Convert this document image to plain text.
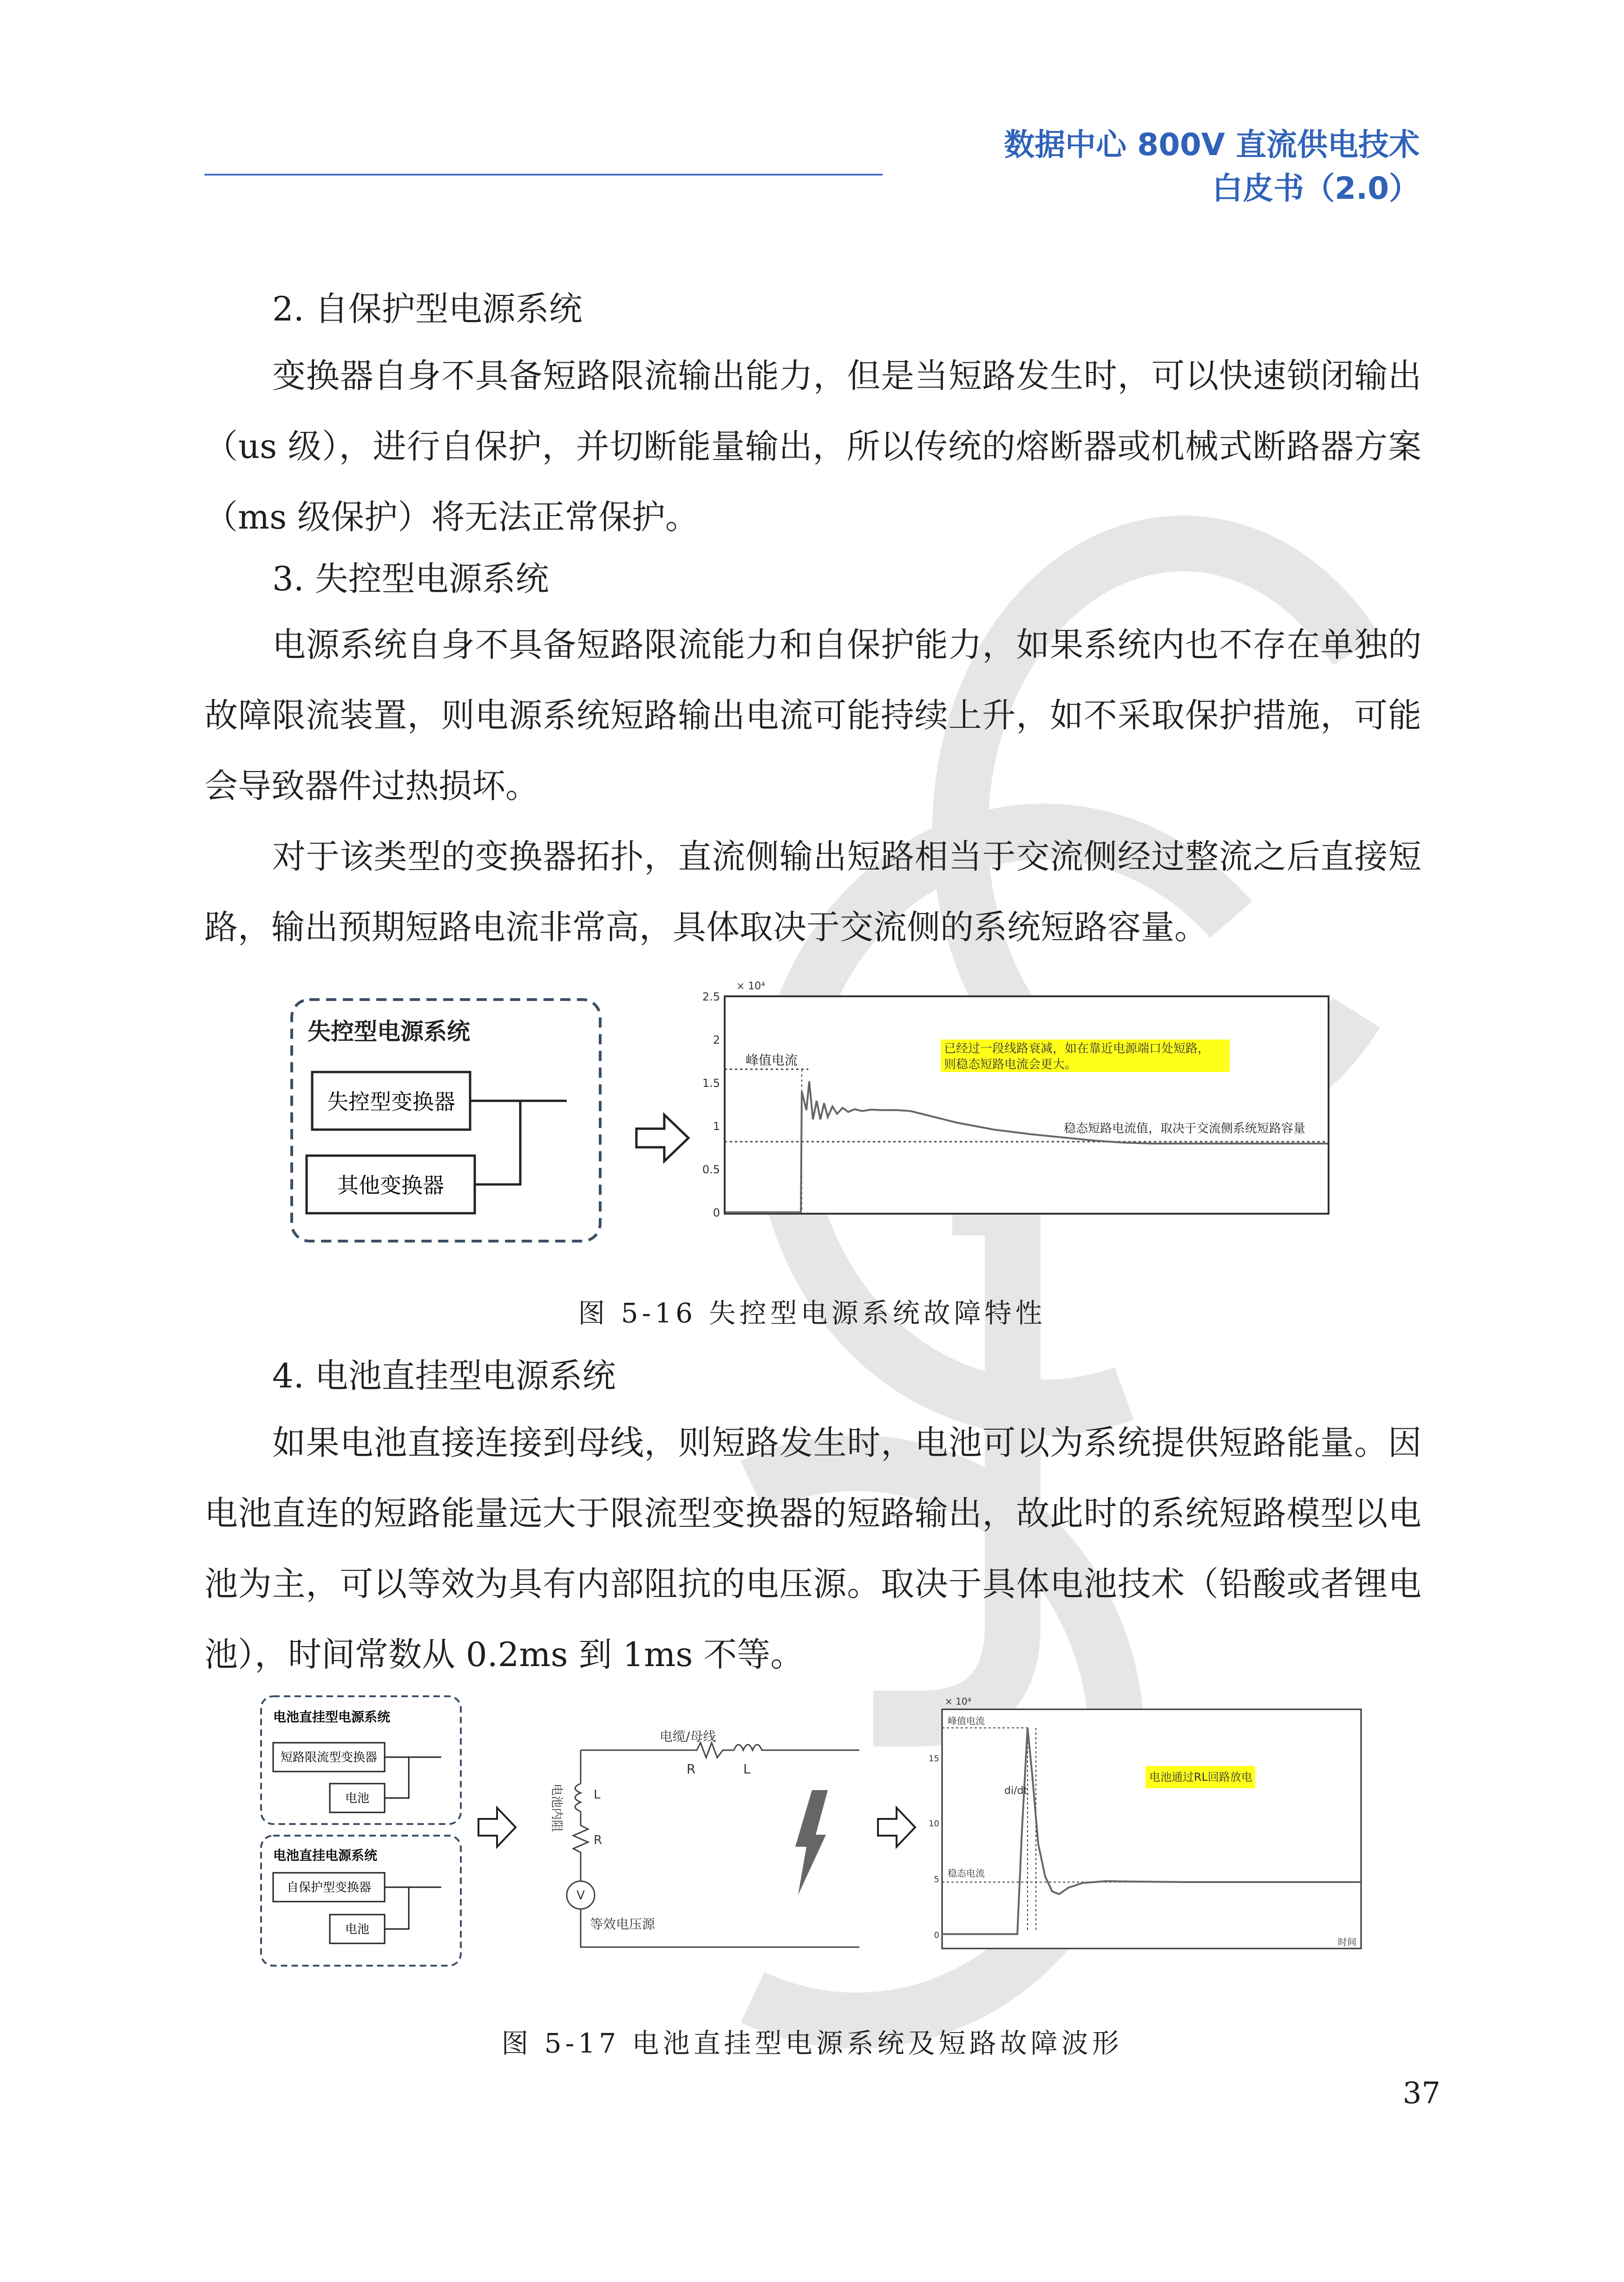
数据中心 800V 直流供电技术
白皮书（2.0）
2. 自保护型电源系统
变换器自身不具备短路限流输出能力，但是当短路发生时，可以快速锁闭输出（us 级），进行自保护，并切断能量输出，所以传统的熔断器或机械式断路器方案（ms 级保护）将无法正常保护。
3. 失控型电源系统
电源系统自身不具备短路限流能力和自保护能力，如果系统内也不存在单独的故障限流装置，则电源系统短路输出电流可能持续上升，如不采取保护措施，可能会导致器件过热损坏。
对于该类型的变换器拓扑，直流侧输出短路相当于交流侧经过整流之后直接短路，输出预期短路电流非常高，具体取决于交流侧的系统短路容量。
失控型电源系统
失控型变换器
其他变换器
× 10⁴
2.5
2
1.5
1
0.5
0
峰值电流
已经过一段线路衰减，如在靠近电源端口处短路， 则稳态短路电流会更大。
稳态短路电流值，取决于交流侧系统短路容量
图 5-16 失控型电源系统故障特性
4. 电池直挂型电源系统
如果电池直接连接到母线，则短路发生时，电池可以为系统提供短路能量。因电池直连的短路能量远大于限流型变换器的短路输出，故此时的系统短路模型以电池为主，可以等效为具有内部阻抗的电压源。取决于具体电池技术（铅酸或者锂电池），时间常数从 0.2ms 到 1ms 不等。
电池直挂型电源系统
短路限流型变换器
电池
电池直挂电源系统
自保护型变换器
电池
电缆/母线
R	L
电池内阻	L
R
V
等效电压源
× 10⁴
15
10
5
0
峰值电流
di/dt
稳态电流
电池通过RL回路放电
时间
图 5-17 电池直挂型电源系统及短路故障波形
37
